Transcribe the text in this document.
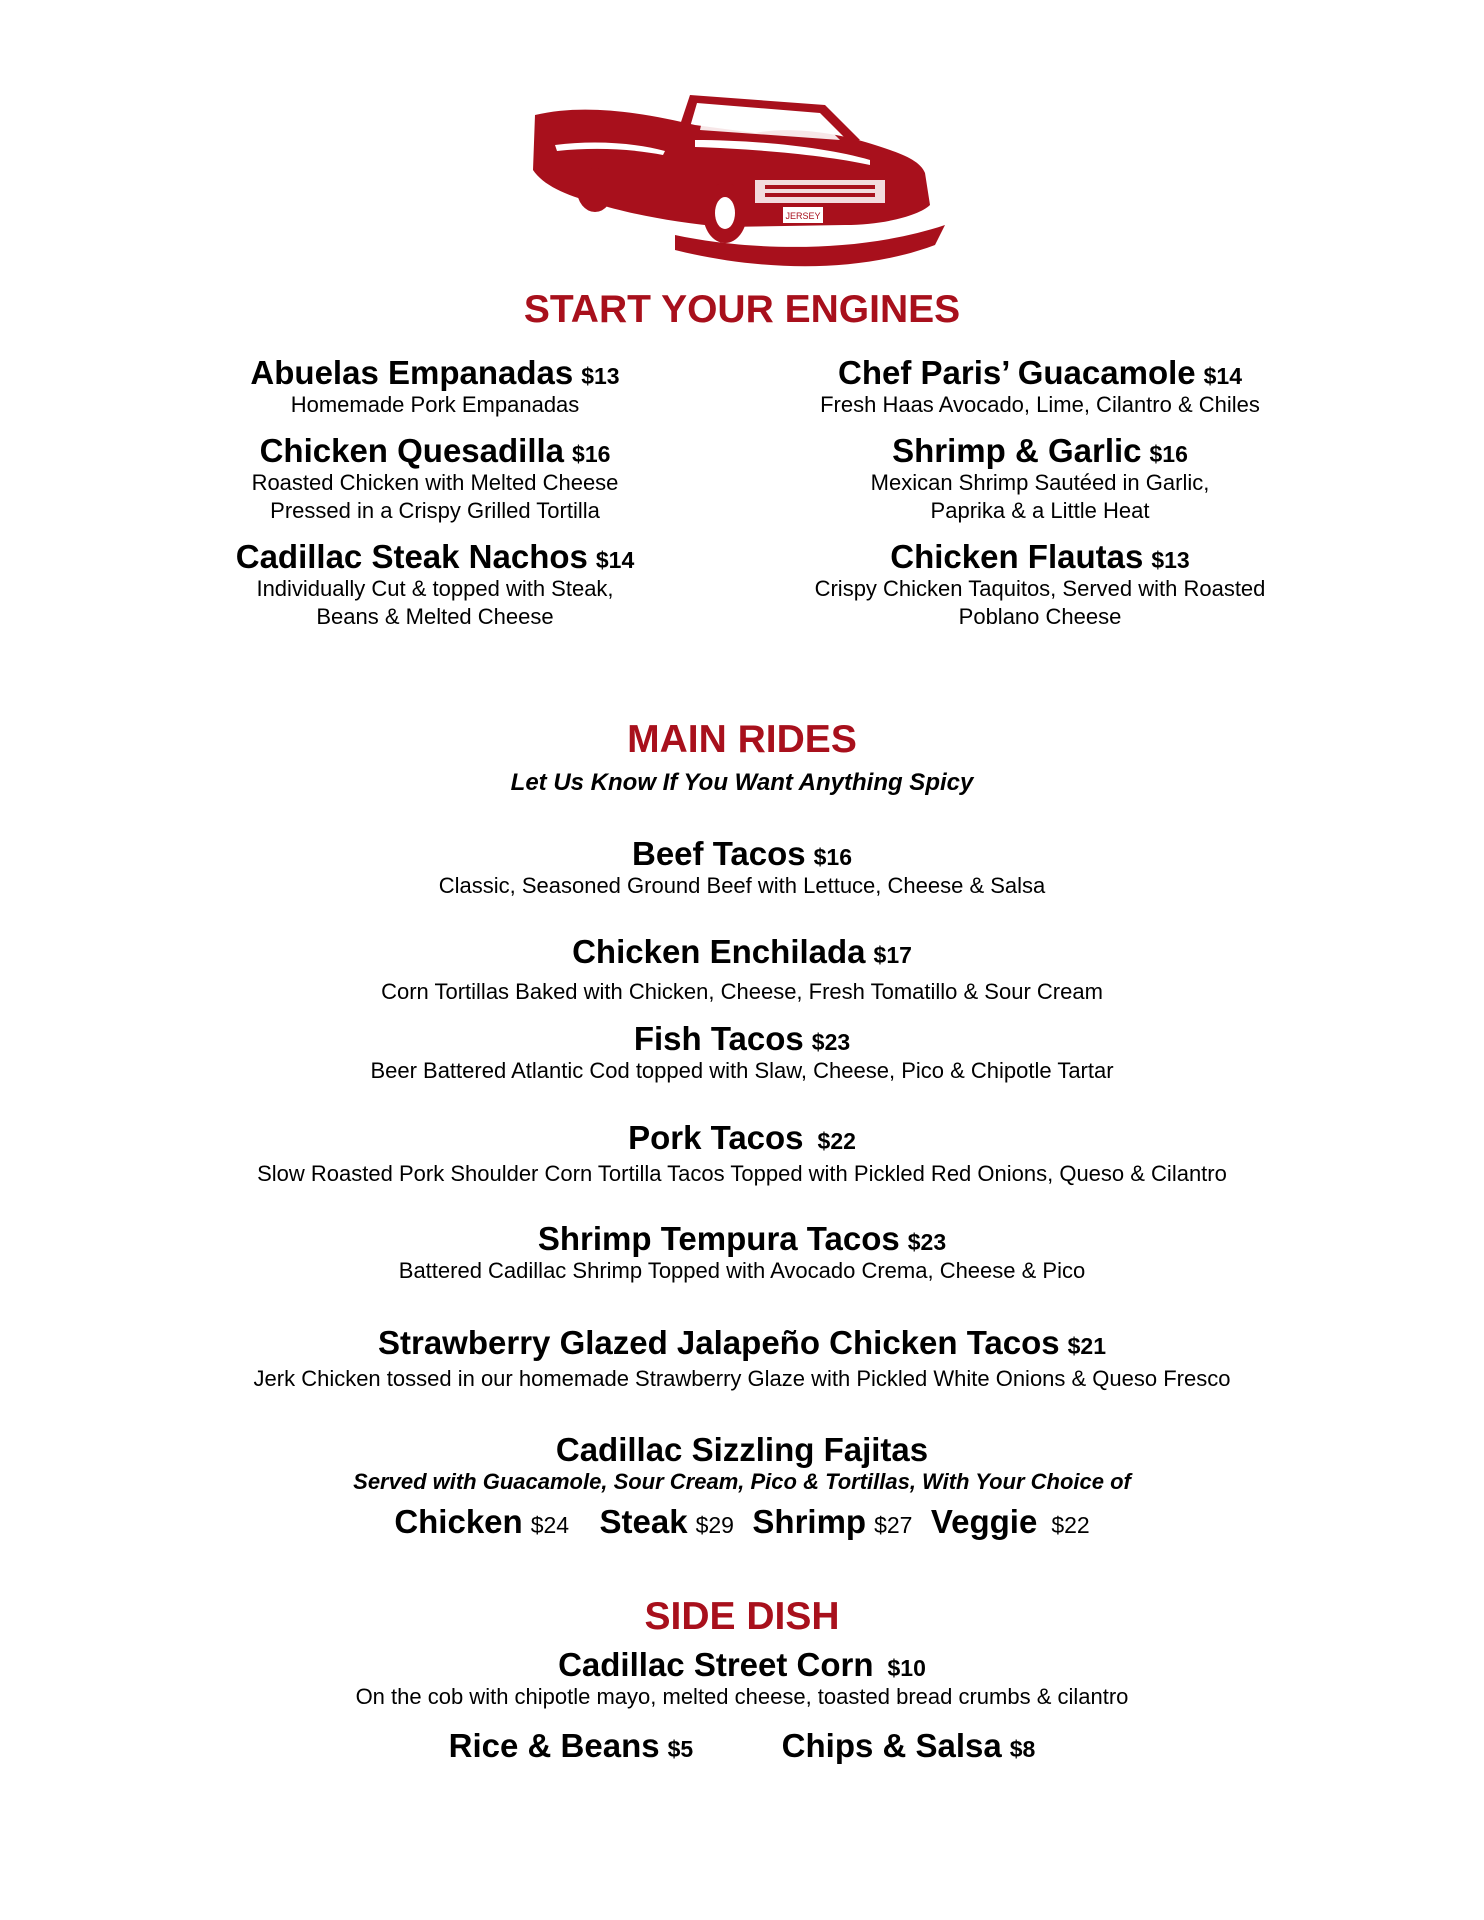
JERSEY
START YOUR ENGINES
Abuelas Empanadas $13
Homemade Pork Empanadas
Chicken Quesadilla $16
Roasted Chicken with Melted Cheese
Pressed in a Crispy Grilled Tortilla
Cadillac Steak Nachos $14
Individually Cut & topped with Steak,
Beans & Melted Cheese
Chef Paris’ Guacamole $14
Fresh Haas Avocado, Lime, Cilantro & Chiles
Shrimp & Garlic $16
Mexican Shrimp Sautéed in Garlic,
Paprika & a Little Heat
Chicken Flautas $13
Crispy Chicken Taquitos, Served with Roasted
Poblano Cheese
MAIN RIDES
Let Us Know If You Want Anything Spicy
Beef Tacos $16
Classic, Seasoned Ground Beef with Lettuce, Cheese & Salsa
Chicken Enchilada $17
Corn Tortillas Baked with Chicken, Cheese, Fresh Tomatillo & Sour Cream
Fish Tacos $23
Beer Battered Atlantic Cod topped with Slaw, Cheese, Pico & Chipotle Tartar
Pork Tacos $22
Slow Roasted Pork Shoulder Corn Tortilla Tacos Topped with Pickled Red Onions, Queso & Cilantro
Shrimp Tempura Tacos $23
Battered Cadillac Shrimp Topped with Avocado Crema, Cheese & Pico
Strawberry Glazed Jalapeño Chicken Tacos $21
Jerk Chicken tossed in our homemade Strawberry Glaze with Pickled White Onions & Queso Fresco
Cadillac Sizzling Fajitas
Served with Guacamole, Sour Cream, Pico & Tortillas, With Your Choice of
Chicken $24 Steak $29 Shrimp $27 Veggie $22
SIDE DISH
Cadillac Street Corn $10
On the cob with chipotle mayo, melted cheese, toasted bread crumbs & cilantro
Rice & Beans $5	Chips & Salsa $8
